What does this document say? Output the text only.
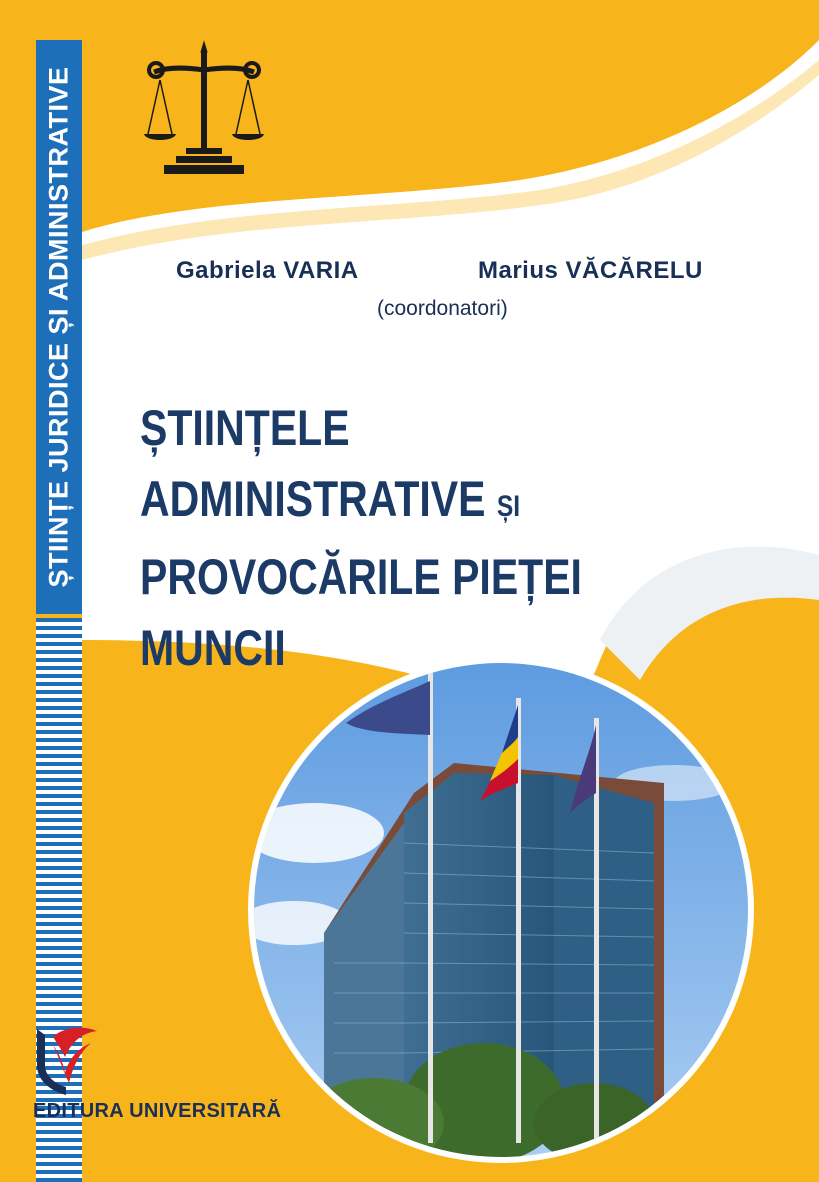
ȘTIINȚE JURIDICE ȘI ADMINISTRATIVE	Gabriela VARIA	Marius VĂCĂRELU
(coordonatori)
ȘTIINȚELE ADMINISTRATIVE ȘI
PROVOCĂRILE PIEȚEI MUNCII
EDITURA UNIVERSITARĂ
